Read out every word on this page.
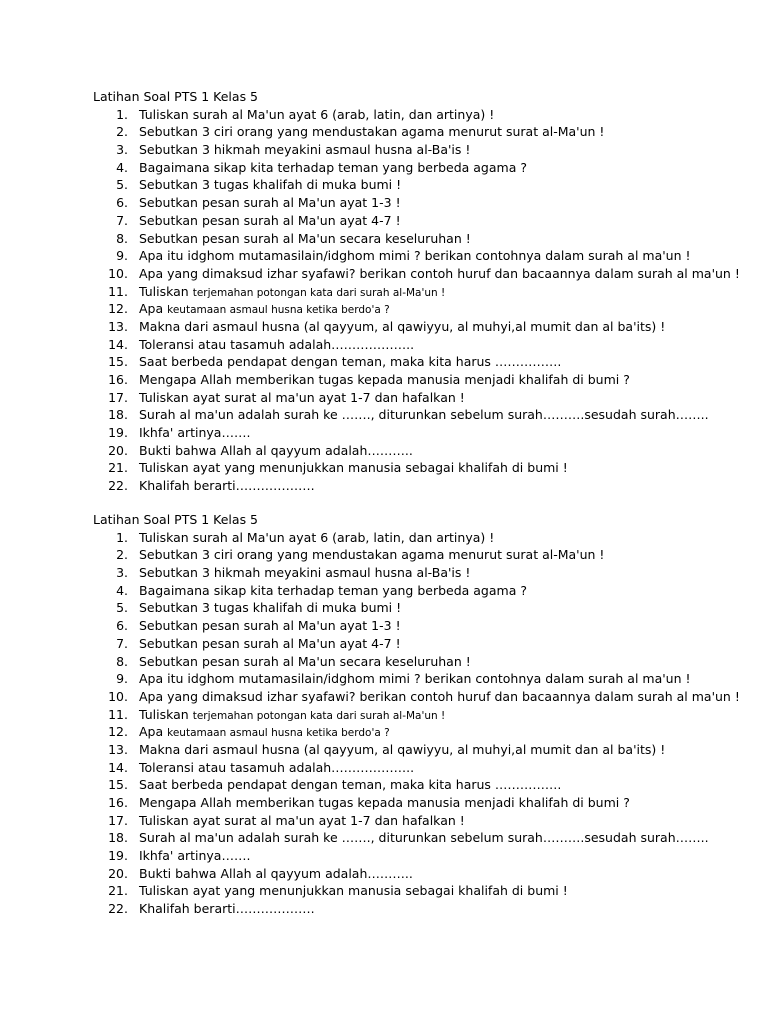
Latihan Soal PTS 1 Kelas 5
1. Tuliskan surah al Ma'un ayat 6 (arab, latin, dan artinya) !
2. Sebutkan 3 ciri orang yang mendustakan agama menurut surat al-Ma'un !
3. Sebutkan 3 hikmah meyakini asmaul husna al-Ba'is !
4. Bagaimana sikap kita terhadap teman yang berbeda agama ?
5. Sebutkan 3 tugas khalifah di muka bumi !
6. Sebutkan pesan surah al Ma'un ayat 1-3 !
7. Sebutkan pesan surah al Ma'un ayat 4-7 !
8. Sebutkan pesan surah al Ma'un secara keseluruhan !
9. Apa itu idghom mutamasilain/idghom mimi ? berikan contohnya dalam surah al ma'un !
10. Apa yang dimaksud izhar syafawi? berikan contoh huruf dan bacaannya dalam surah al ma'un !
11. Tuliskan terjemahan potongan kata dari surah al-Ma'un !
12. Apa keutamaan asmaul husna ketika berdo'a ?
13. Makna dari asmaul husna (al qayyum, al qawiyyu, al muhyi,al mumit dan al ba'its) !
14. Toleransi atau tasamuh adalah………………..
15. Saat berbeda pendapat dengan teman, maka kita harus …………….
16. Mengapa Allah memberikan tugas kepada manusia menjadi khalifah di bumi ?
17. Tuliskan ayat surat al ma'un ayat 1-7 dan hafalkan !
18. Surah al ma'un adalah surah ke ……., diturunkan sebelum surah……….sesudah surah……..
19. Ikhfa' artinya…….
20. Bukti bahwa Allah al qayyum adalah………..
21. Tuliskan ayat yang menunjukkan manusia sebagai khalifah di bumi !
22. Khalifah berarti……………….
Latihan Soal PTS 1 Kelas 5
1. Tuliskan surah al Ma'un ayat 6 (arab, latin, dan artinya) !
2. Sebutkan 3 ciri orang yang mendustakan agama menurut surat al-Ma'un !
3. Sebutkan 3 hikmah meyakini asmaul husna al-Ba'is !
4. Bagaimana sikap kita terhadap teman yang berbeda agama ?
5. Sebutkan 3 tugas khalifah di muka bumi !
6. Sebutkan pesan surah al Ma'un ayat 1-3 !
7. Sebutkan pesan surah al Ma'un ayat 4-7 !
8. Sebutkan pesan surah al Ma'un secara keseluruhan !
9. Apa itu idghom mutamasilain/idghom mimi ? berikan contohnya dalam surah al ma'un !
10. Apa yang dimaksud izhar syafawi? berikan contoh huruf dan bacaannya dalam surah al ma'un !
11. Tuliskan terjemahan potongan kata dari surah al-Ma'un !
12. Apa keutamaan asmaul husna ketika berdo'a ?
13. Makna dari asmaul husna (al qayyum, al qawiyyu, al muhyi,al mumit dan al ba'its) !
14. Toleransi atau tasamuh adalah………………..
15. Saat berbeda pendapat dengan teman, maka kita harus …………….
16. Mengapa Allah memberikan tugas kepada manusia menjadi khalifah di bumi ?
17. Tuliskan ayat surat al ma'un ayat 1-7 dan hafalkan !
18. Surah al ma'un adalah surah ke ……., diturunkan sebelum surah……….sesudah surah……..
19. Ikhfa' artinya…….
20. Bukti bahwa Allah al qayyum adalah………..
21. Tuliskan ayat yang menunjukkan manusia sebagai khalifah di bumi !
22. Khalifah berarti……………….
